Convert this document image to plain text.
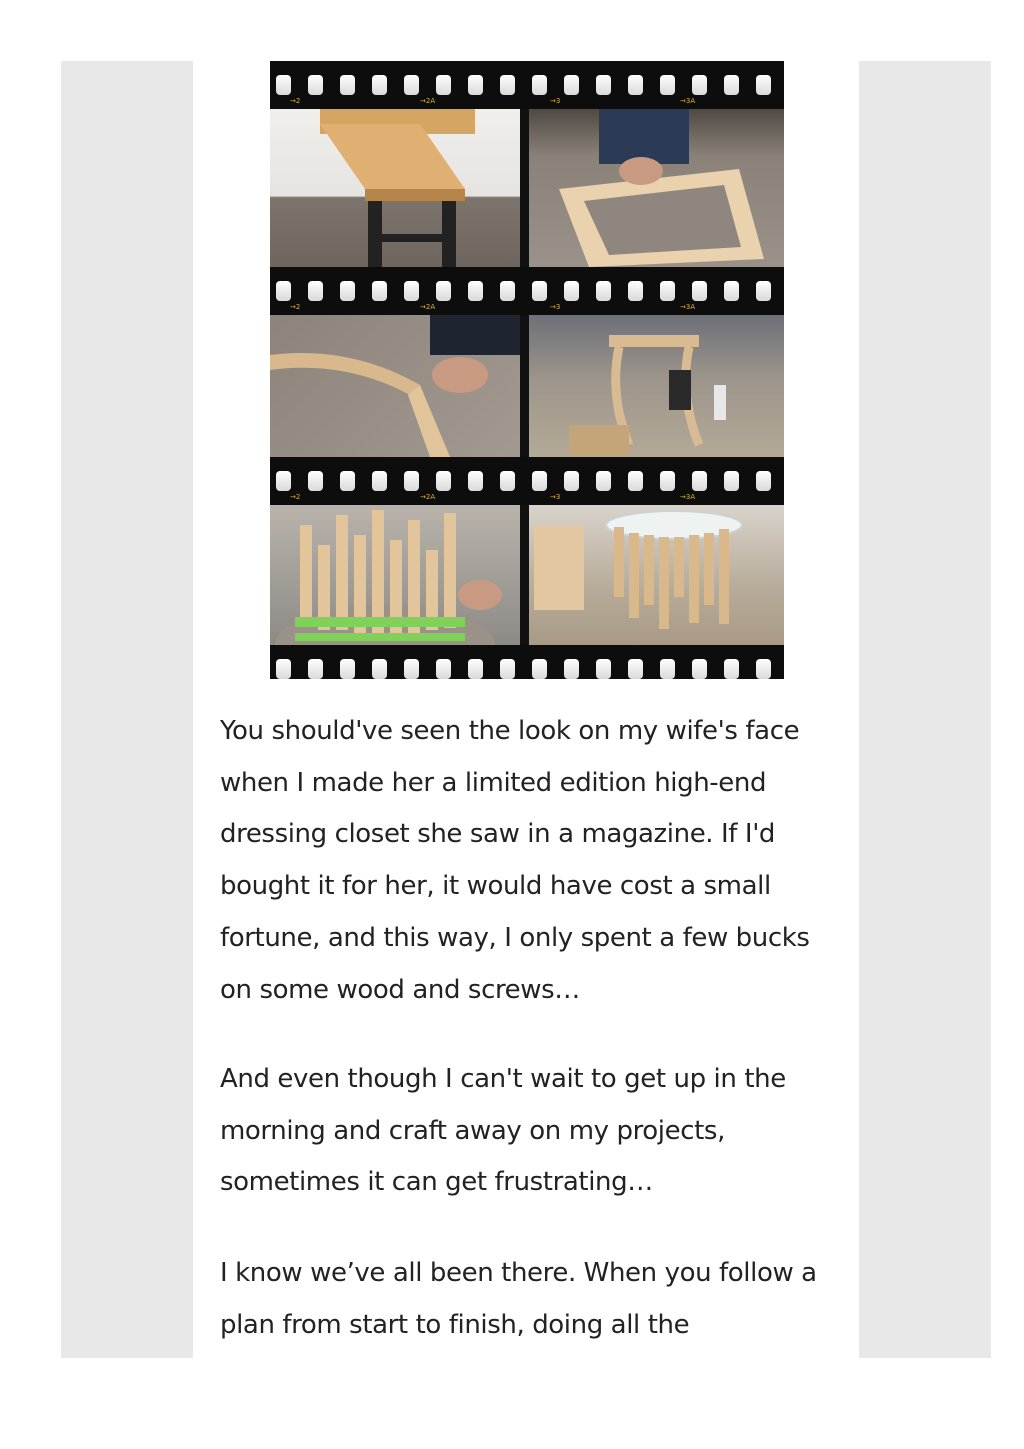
→2	→2A	→3	→3A
→2	→2A	→3	→3A
→2	→2A	→3	→3A

You should've seen the look on my wife's face when I made her a limited edition high-end dressing closet she saw in a magazine. If I'd bought it for her, it would have cost a small fortune, and this way, I only spent a few bucks on some wood and screws…

And even though I can't wait to get up in the morning and craft away on my projects, sometimes it can get frustrating…

I know we’ve all been there. When you follow a plan from start to finish, doing all the
